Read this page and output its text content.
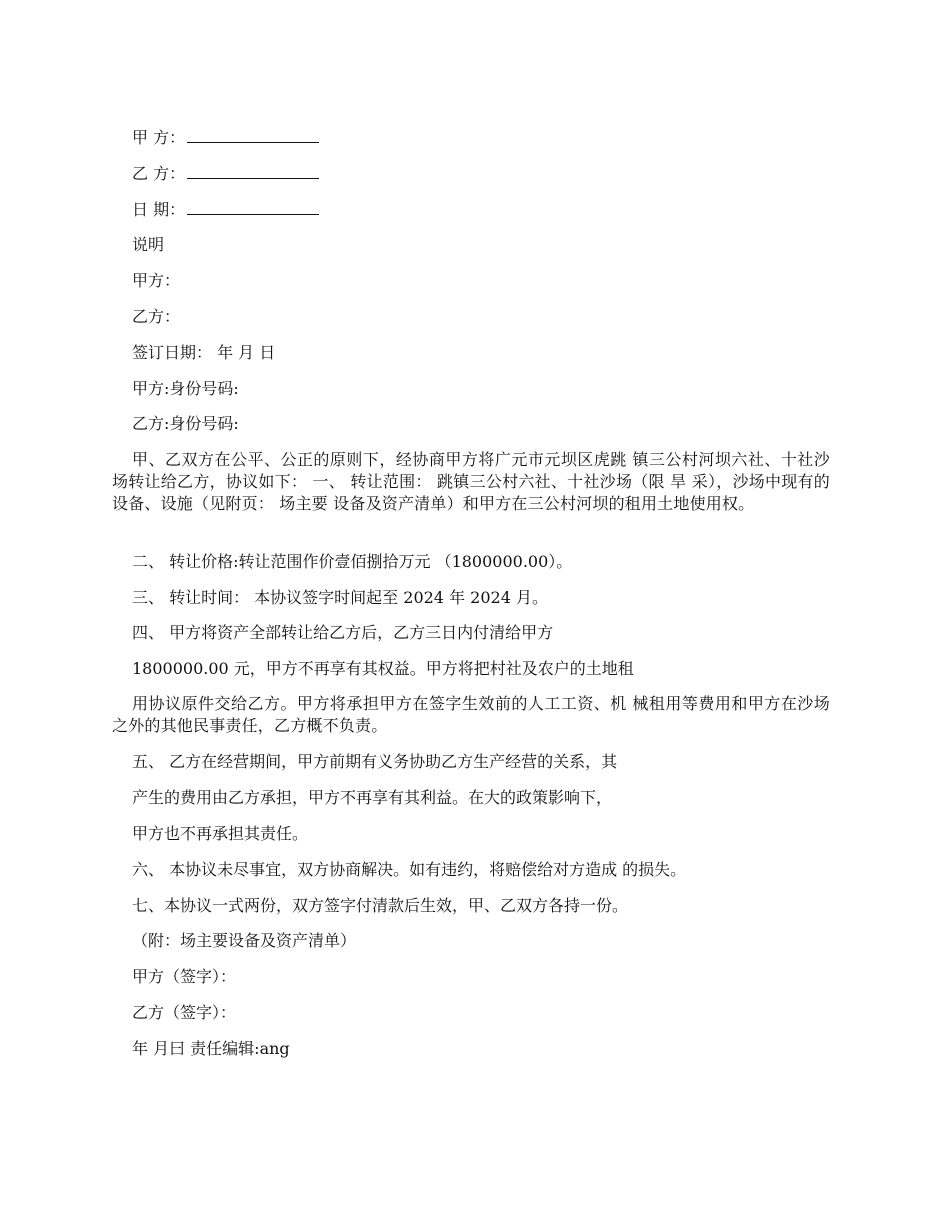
甲 方：
乙 方：
日 期：
说明
甲方：
乙方：
签订日期： 年 月 日
甲方:身份号码:
乙方:身份号码:
甲、乙双方在公平、公正的原则下，经协商甲方将广元市元坝区虎跳 镇三公村河坝六社、十社沙场转让给乙方，协议如下： 一、 转让范围： 跳镇三公村六社、十社沙场（限 旱 采），沙场中现有的设备、设施（见附页： 场主要 设备及资产清单）和甲方在三公村河坝的租用土地使用权。
二、 转让价格:转让范围作价壹佰捌拾万元 （1800000.00）。
三、 转让时间： 本协议签字时间起至 2024 年 2024 月。
四、 甲方将资产全部转让给乙方后，乙方三日内付清给甲方
1800000.00 元，甲方不再享有其权益。甲方将把村社及农户的土地租
用协议原件交给乙方。甲方将承担甲方在签字生效前的人工工资、机 械租用等费用和甲方在沙场之外的其他民事责任，乙方概不负责。
五、 乙方在经营期间，甲方前期有义务协助乙方生产经营的关系，其
产生的费用由乙方承担，甲方不再享有其利益。在大的政策影响下，
甲方也不再承担其责任。
六、 本协议未尽事宜，双方协商解决。如有违约，将赔偿给对方造成 的损失。
七、本协议一式两份，双方签字付清款后生效，甲、乙双方各持一份。
（附：场主要设备及资产清单）
甲方（签字）：
乙方（签字）：
年 月曰 责任编辑:ang
